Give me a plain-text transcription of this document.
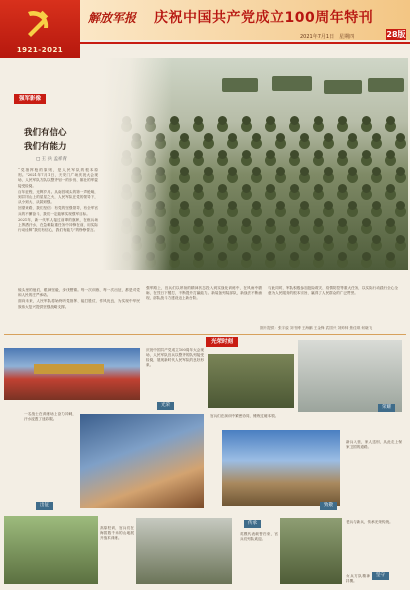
1921-2021
解放军报 庆祝中国共产党成立100周年特刊
2021年7月1日　星期四	28版
强军影像
我们有信心
我们有能力
□ 王 兵 孟祥青

“党指挥枪的原则，是人民军队的根本原则。”2021年7月1日，天安门广场庆祝大会现场，人民军队方队以整齐划一的步伐、雄壮的军姿接受检阅。

百年征程，光辉岁月。从南昌城头的第一声枪响，到井冈山上的星星之火，人民军队在党的领导下，从小到大、从弱到强。

回望来路，我们坚信：有党的坚强领导，有全军官兵的不懈奋斗，我们一定能够实现强军目标。

2021年，新一代军人接过前辈的旗帜，在练兵场上挥洒汗水，在急难险重任务中冲锋在前，用实际行动诠释“我们有信心，我们有能力”的铮铮誓言。

镜头里的他们，眼神坚毅，步伐铿锵。每一次训练、每一次出征，都是对党和人民的庄严承诺。

面向未来，人民军队将始终听党指挥、能打胜仗、作风优良，为实现中华民族伟大复兴提供坚强战略支撑。

强军路上，官兵们以昂扬的精神状态投入到实战化训练中，在风雨中磨砺，在烈日下锻打，不断提升打赢能力。新装备列装部队，新战法不断涌现，部队战斗力建设迈上新台阶。

与此同时，军队积极参加抢险救灾、疫情防控等重大任务，以实际行动践行全心全意为人民服务的根本宗旨，赢得了人民群众的广泛赞誉。

图片提供：张宇骁 刘书博 王海鹏 王金锋 武国兴 刘帅帅 焦佳琪 何晓飞
光荣时刻
庆祝中国共产党成立100周年大会现场，人民军队官兵以整齐的队列接受检阅，展现新时代人民军队的良好形象。
光荣	荣耀
一名战士在训练场上奋力冲刺，汗水浸透了迷彩服。
官兵们在演训中紧密协同，锤炼过硬本领。
新兵入营，家人送别，从此走上保家卫国的道路。
出征	致敬
高原驻训，官兵们在海拔数千米的山地展开战术训练。
传承
英模代表载誉归来，官兵们列队欢迎。
老兵与新兵，传承光荣传统。
坚守
女兵方队精神抖擞。
